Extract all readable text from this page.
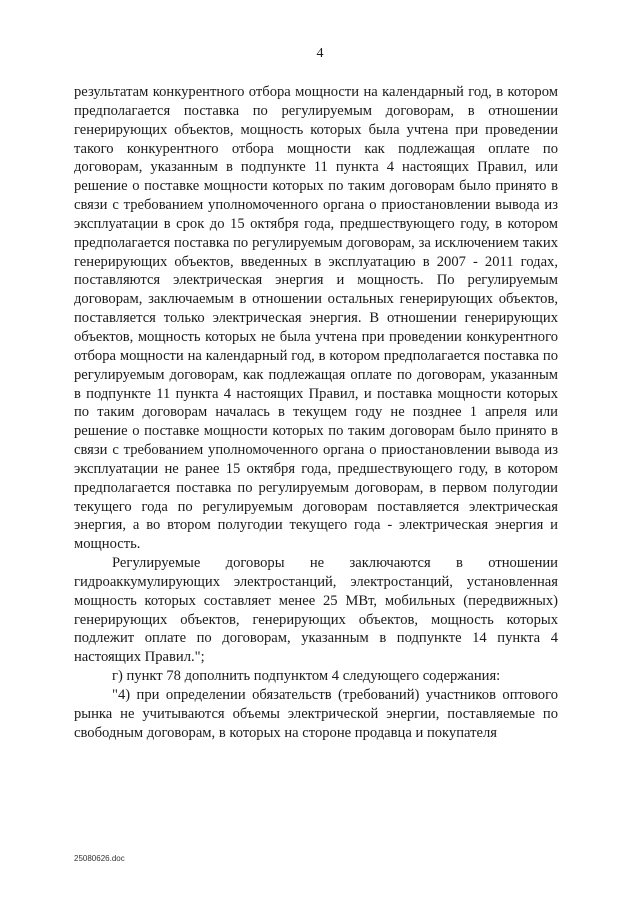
4

результатам конкурентного отбора мощности на календарный год, в котором предполагается поставка по регулируемым договорам, в отношении генерирующих объектов, мощность которых была учтена при проведении такого конкурентного отбора мощности как подлежащая оплате по договорам, указанным в подпункте 11 пункта 4 настоящих Правил, или решение о поставке мощности которых по таким договорам было принято в связи с требованием уполномоченного органа о приостановлении вывода из эксплуатации в срок до 15 октября года, предшествующего году, в котором предполагается поставка по регулируемым договорам, за исключением таких генерирующих объектов, введенных в эксплуатацию в 2007 - 2011 годах, поставляются электрическая энергия и мощность. По регулируемым договорам, заключаемым в отношении остальных генерирующих объектов, поставляется только электрическая энергия. В отношении генерирующих объектов, мощность которых не была учтена при проведении конкурентного отбора мощности на календарный год, в котором предполагается поставка по регулируемым договорам, как подлежащая оплате по договорам, указанным в подпункте 11 пункта 4 настоящих Правил, и поставка мощности которых по таким договорам началась в текущем году не позднее 1 апреля или решение о поставке мощности которых по таким договорам было принято в связи с требованием уполномоченного органа о приостановлении вывода из эксплуатации не ранее 15 октября года, предшествующего году, в котором предполагается поставка по регулируемым договорам, в первом полугодии текущего года по регулируемым договорам поставляется электрическая энергия, а во втором полугодии текущего года - электрическая энергия и мощность.

Регулируемые договоры не заключаются в отношении гидроаккумулирующих электростанций, электростанций, установленная мощность которых составляет менее 25 МВт, мобильных (передвижных) генерирующих объектов, генерирующих объектов, мощность которых подлежит оплате по договорам, указанным в подпункте 14 пункта 4 настоящих Правил.";

г) пункт 78 дополнить подпунктом 4 следующего содержания:

"4) при определении обязательств (требований) участников оптового рынка не учитываются объемы электрической энергии, поставляемые по свободным договорам, в которых на стороне продавца и покупателя

25080626.doc
